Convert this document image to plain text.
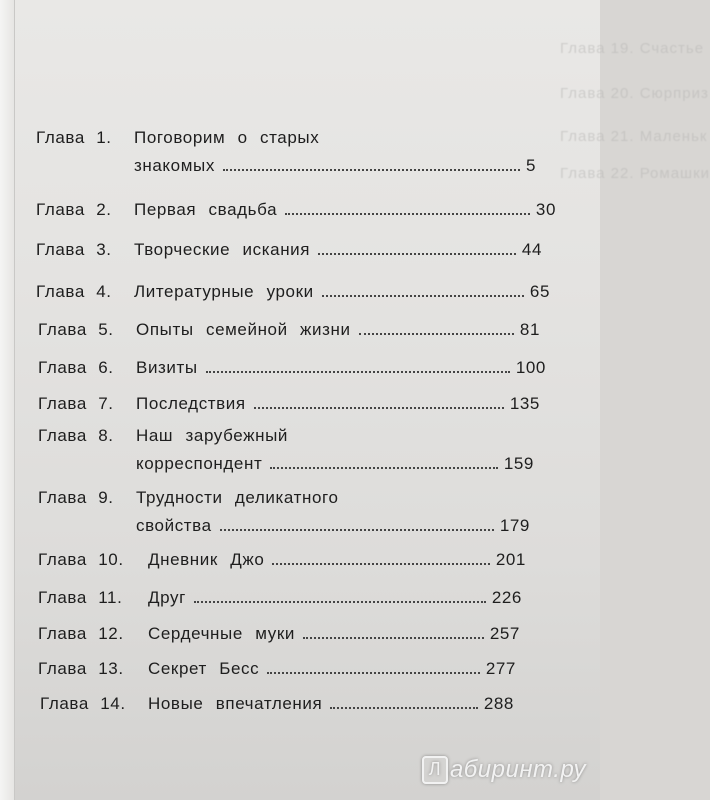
Глава 19. Счастье
Глава 20. Сюрприз
Глава 21. Маленьк
Глава 22. Ромашки
Глава 1. Поговорим о старых
знакомых	5
Глава 2. Первая свадьба	30
Глава 3. Творческие искания	44
Глава 4. Литературные уроки	65
Глава 5. Опыты семейной жизни	81
Глава 6. Визиты	100
Глава 7. Последствия	135
Глава 8. Наш зарубежный
корреспондент	159
Глава 9. Трудности деликатного
свойства	179
Глава 10. Дневник Джо	201
Глава 11. Друг	226
Глава 12. Сердечные муки	257
Глава 13. Секрет Бесс	277
Глава 14. Новые впечатления	288
Л абиринт.ру
